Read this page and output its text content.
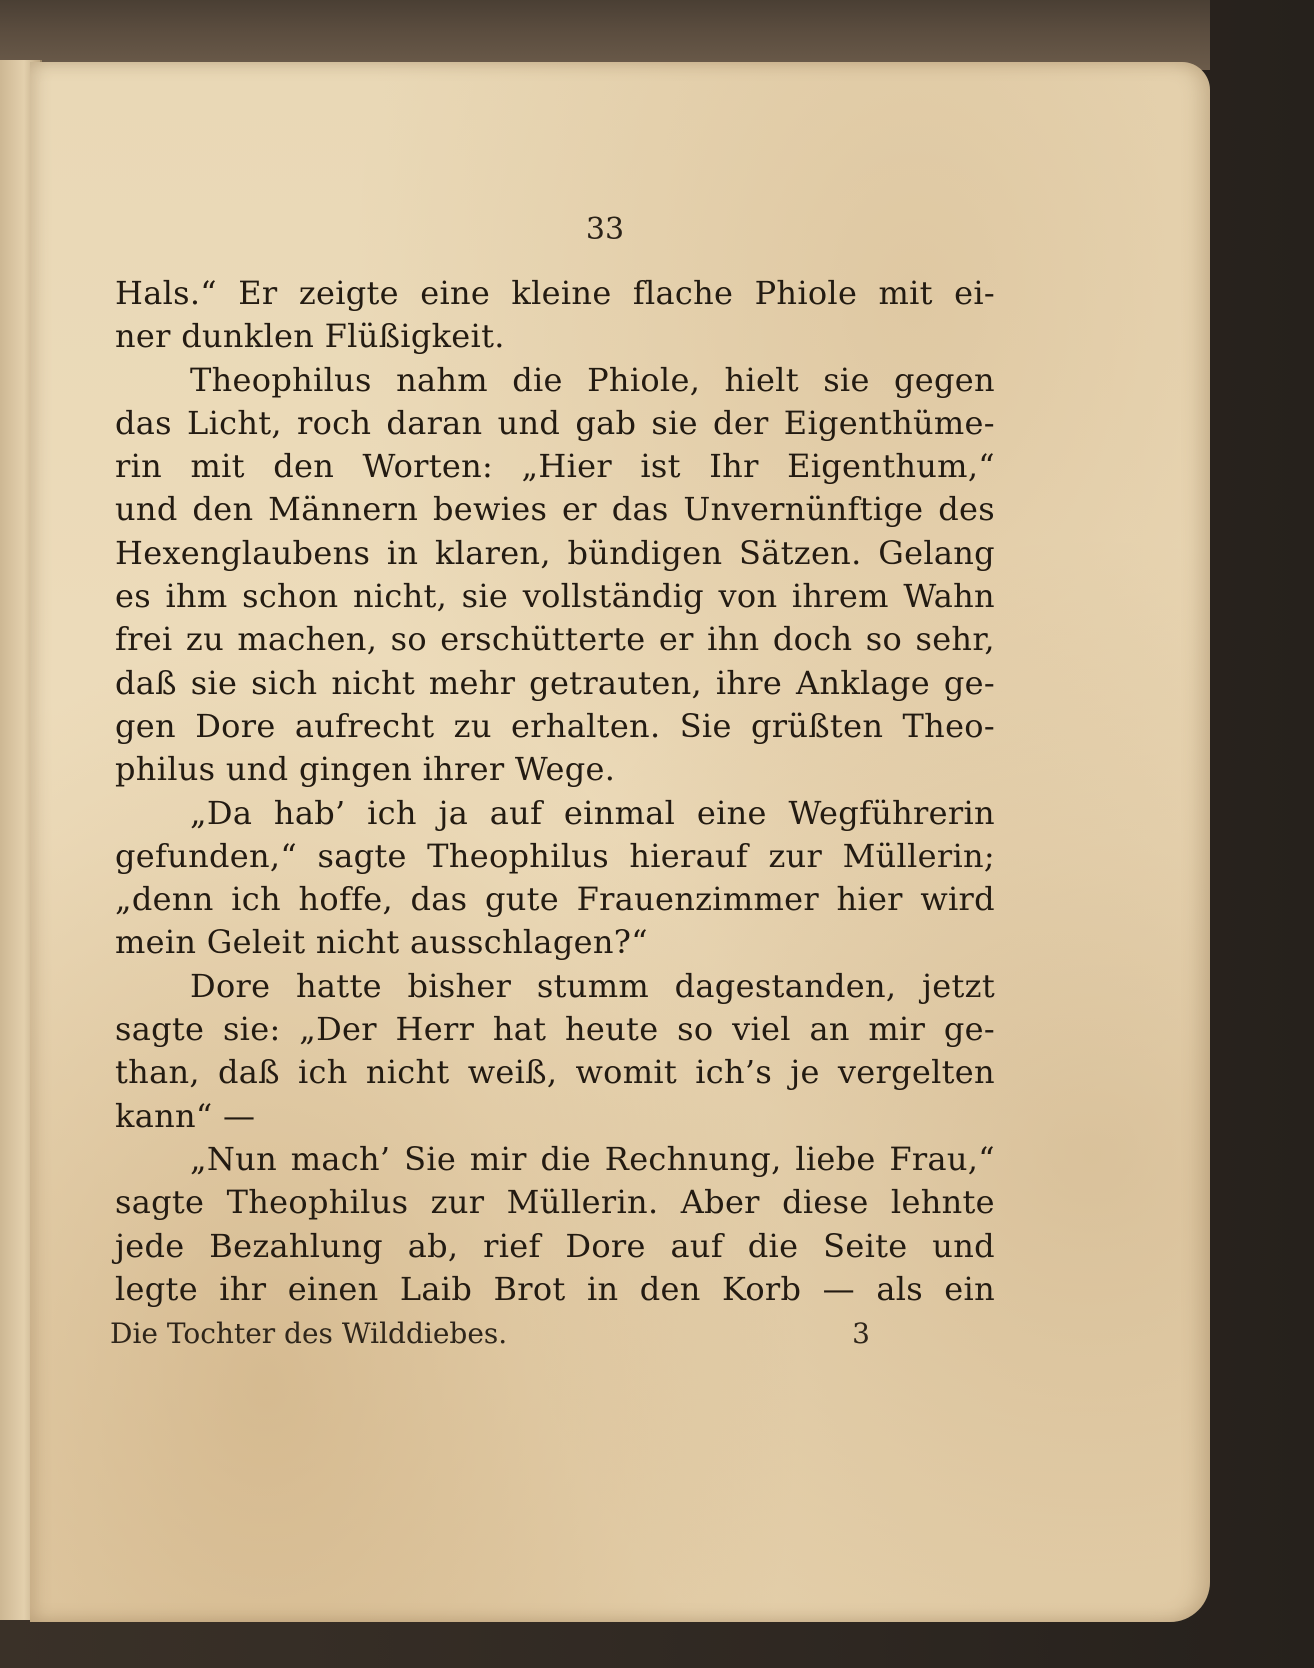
33
Hals.“ Er zeigte eine kleine flache Phiole mit ei-
ner dunklen Flüßigkeit.
Theophilus nahm die Phiole, hielt sie gegen
das Licht, roch daran und gab sie der Eigenthüme-
rin mit den Worten: „Hier ist Ihr Eigenthum,“
und den Männern bewies er das Unvernünftige des
Hexenglaubens in klaren, bündigen Sätzen. Gelang
es ihm schon nicht, sie vollständig von ihrem Wahn
frei zu machen, so erschütterte er ihn doch so sehr,
daß sie sich nicht mehr getrauten, ihre Anklage ge-
gen Dore aufrecht zu erhalten. Sie grüßten Theo-
philus und gingen ihrer Wege.
„Da hab’ ich ja auf einmal eine Wegführerin
gefunden,“ sagte Theophilus hierauf zur Müllerin;
„denn ich hoffe, das gute Frauenzimmer hier wird
mein Geleit nicht ausschlagen?“
Dore hatte bisher stumm dagestanden, jetzt
sagte sie: „Der Herr hat heute so viel an mir ge-
than, daß ich nicht weiß, womit ich’s je vergelten
kann“ —
„Nun mach’ Sie mir die Rechnung, liebe Frau,“
sagte Theophilus zur Müllerin. Aber diese lehnte
jede Bezahlung ab, rief Dore auf die Seite und
legte ihr einen Laib Brot in den Korb — als ein
Die Tochter des Wilddiebes.	3
